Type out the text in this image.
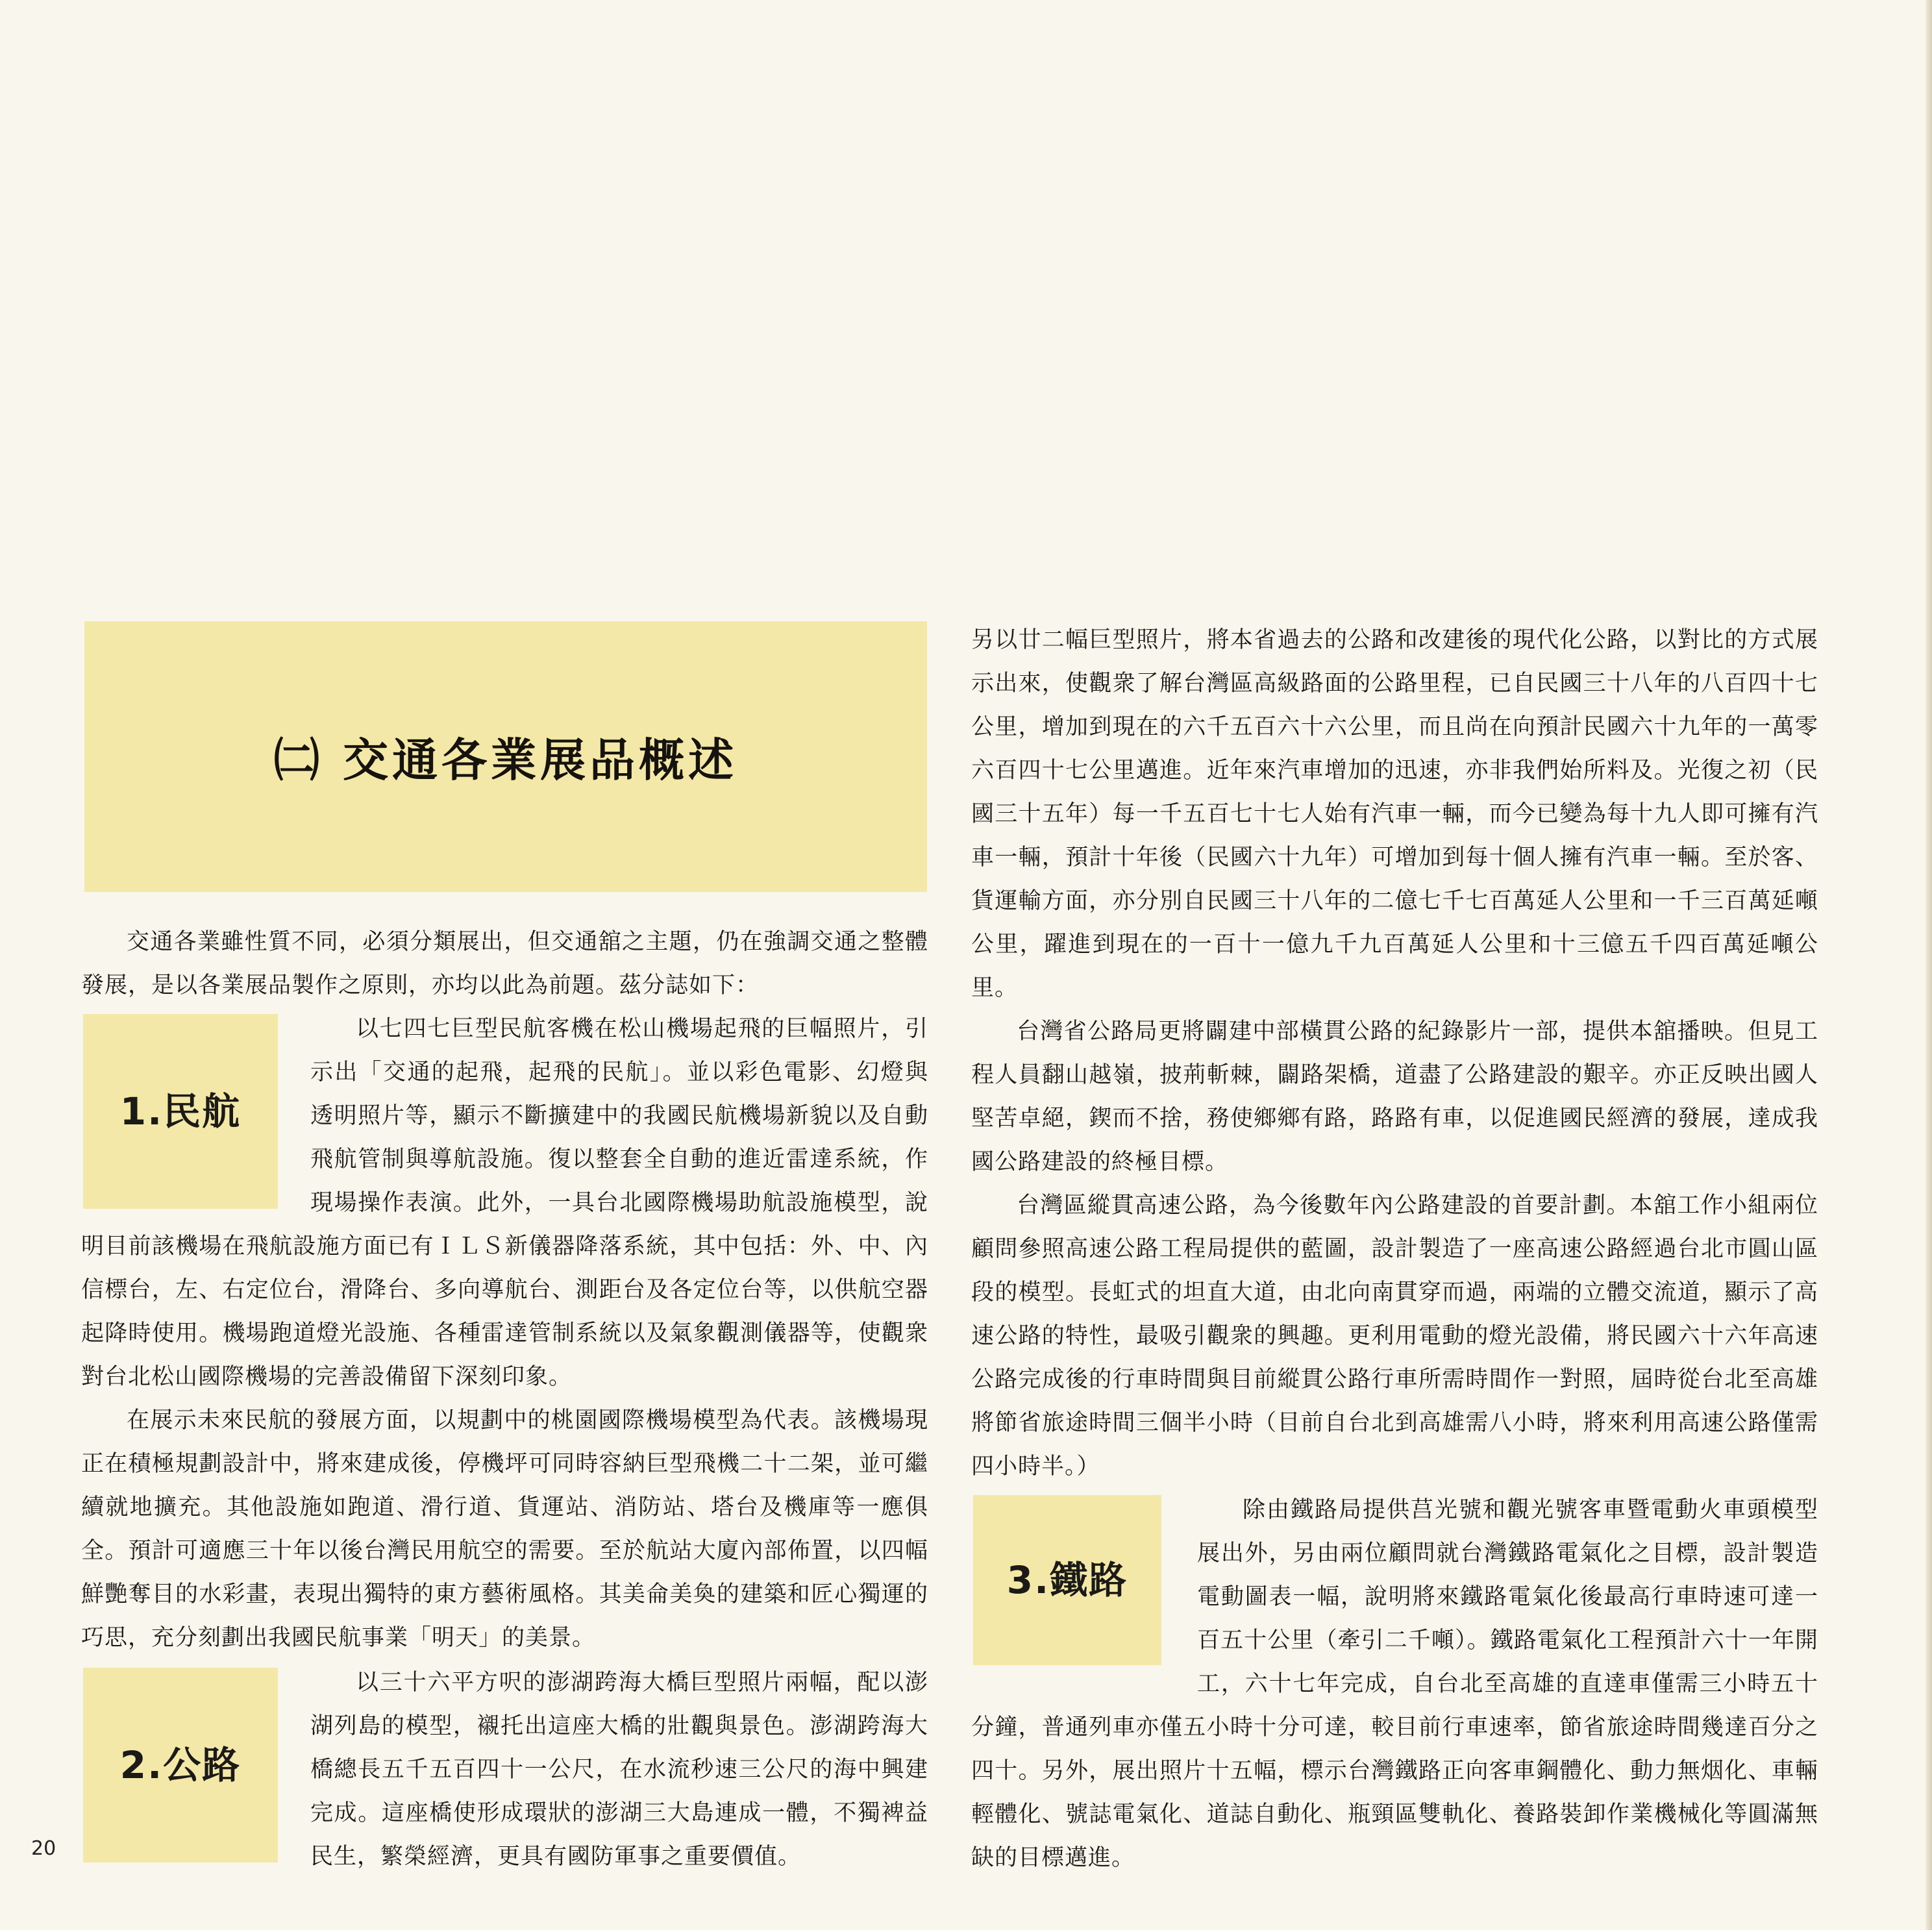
㈡ 交通各業展品概述

交通各業雖性質不同，必須分類展出，但交通舘之主題，仍在強調交通之整體發展，是以各業展品製作之原則，亦均以此為前題。茲分誌如下：

1.民航

以七四七巨型民航客機在松山機場起飛的巨幅照片，引示出「交通的起飛，起飛的民航」。並以彩色電影、幻燈與透明照片等，顯示不斷擴建中的我國民航機場新貌以及自動飛航管制與導航設施。復以整套全自動的進近雷達系統，作現場操作表演。此外，一具台北國際機場助航設施模型，說明目前該機場在飛航設施方面已有ＩＬＳ新儀器降落系統，其中包括：外、中、內信標台，左、右定位台，滑降台、多向導航台、測距台及各定位台等，以供航空器起降時使用。機場跑道燈光設施、各種雷達管制系統以及氣象觀測儀器等，使觀衆對台北松山國際機場的完善設備留下深刻印象。

在展示未來民航的發展方面，以規劃中的桃園國際機場模型為代表。該機場現正在積極規劃設計中，將來建成後，停機坪可同時容納巨型飛機二十二架，並可繼續就地擴充。其他設施如跑道、滑行道、貨運站、消防站、塔台及機庫等一應俱全。預計可適應三十年以後台灣民用航空的需要。至於航站大廈內部佈置，以四幅鮮艷奪目的水彩畫，表現出獨特的東方藝術風格。其美侖美奐的建築和匠心獨運的巧思，充分刻劃出我國民航事業「明天」的美景。

2.公路

以三十六平方呎的澎湖跨海大橋巨型照片兩幅，配以澎湖列島的模型，襯托出這座大橋的壯觀與景色。澎湖跨海大橋總長五千五百四十一公尺，在水流秒速三公尺的海中興建完成。這座橋使形成環狀的澎湖三大島連成一體，不獨裨益民生，繁榮經濟，更具有國防軍事之重要價值。

另以廿二幅巨型照片，將本省過去的公路和改建後的現代化公路，以對比的方式展示出來，使觀衆了解台灣區高級路面的公路里程，已自民國三十八年的八百四十七公里，增加到現在的六千五百六十六公里，而且尚在向預計民國六十九年的一萬零六百四十七公里邁進。近年來汽車增加的迅速，亦非我們始所料及。光復之初（民國三十五年）每一千五百七十七人始有汽車一輛，而今已變為每十九人即可擁有汽車一輛，預計十年後（民國六十九年）可增加到每十個人擁有汽車一輛。至於客、貨運輸方面，亦分別自民國三十八年的二億七千七百萬延人公里和一千三百萬延噸公里，躍進到現在的一百十一億九千九百萬延人公里和十三億五千四百萬延噸公里。

台灣省公路局更將闢建中部橫貫公路的紀錄影片一部，提供本舘播映。但見工程人員翻山越嶺，披荊斬棘，闢路架橋，道盡了公路建設的艱辛。亦正反映出國人堅苦卓絕，鍥而不捨，務使鄉鄉有路，路路有車，以促進國民經濟的發展，達成我國公路建設的終極目標。

台灣區縱貫高速公路，為今後數年內公路建設的首要計劃。本舘工作小組兩位顧問參照高速公路工程局提供的藍圖，設計製造了一座高速公路經過台北市圓山區段的模型。長虹式的坦直大道，由北向南貫穿而過，兩端的立體交流道，顯示了高速公路的特性，最吸引觀衆的興趣。更利用電動的燈光設備，將民國六十六年高速公路完成後的行車時間與目前縱貫公路行車所需時間作一對照，屆時從台北至高雄將節省旅途時間三個半小時（目前自台北到高雄需八小時，將來利用高速公路僅需四小時半。）

3.鐵路

除由鐵路局提供莒光號和觀光號客車暨電動火車頭模型展出外，另由兩位顧問就台灣鐵路電氣化之目標，設計製造電動圖表一幅，說明將來鐵路電氣化後最高行車時速可達一百五十公里（牽引二千噸）。鐵路電氣化工程預計六十一年開工，六十七年完成，自台北至高雄的直達車僅需三小時五十分鐘，普通列車亦僅五小時十分可達，較目前行車速率，節省旅途時間幾達百分之四十。另外，展出照片十五幅，標示台灣鐵路正向客車鋼體化、動力無烟化、車輛輕體化、號誌電氣化、道誌自動化、瓶頸區雙軌化、養路裝卸作業機械化等圓滿無缺的目標邁進。

20
